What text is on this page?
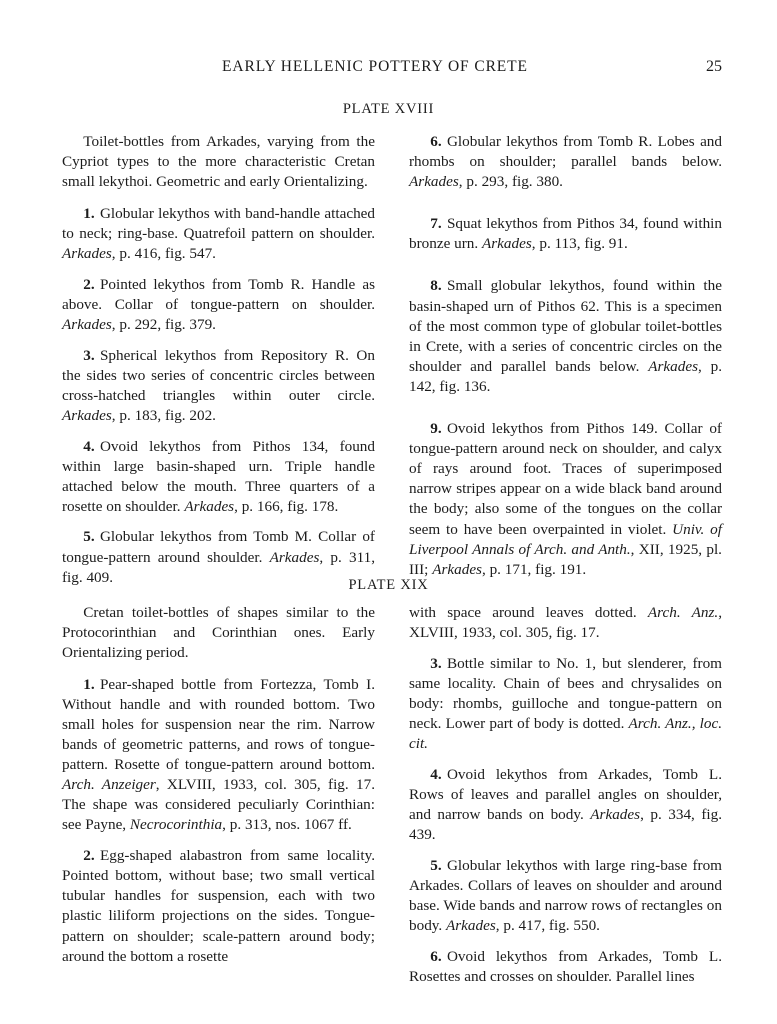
EARLY HELLENIC POTTERY OF CRETE	25
PLATE XVIII

Toilet-bottles from Arkades, varying from the Cypriot types to the more characteristic Cretan small lekythoi. Geometric and early Orientalizing.

1. Globular lekythos with band-handle attached to neck; ring-base. Quatrefoil pattern on shoulder. Arkades, p. 416, fig. 547.

2. Pointed lekythos from Tomb R. Handle as above. Collar of tongue-pattern on shoulder. Arkades, p. 292, fig. 379.

3. Spherical lekythos from Repository R. On the sides two series of concentric circles between cross-hatched triangles within outer circle. Arkades, p. 183, fig. 202.

4. Ovoid lekythos from Pithos 134, found within large basin-shaped urn. Triple handle attached below the mouth. Three quarters of a rosette on shoulder. Arkades, p. 166, fig. 178.

5. Globular lekythos from Tomb M. Collar of tongue-pattern around shoulder. Arkades, p. 311, fig. 409.

6. Globular lekythos from Tomb R. Lobes and rhombs on shoulder; parallel bands below. Arkades, p. 293, fig. 380.

7. Squat lekythos from Pithos 34, found within bronze urn. Arkades, p. 113, fig. 91.

8. Small globular lekythos, found within the basin-shaped urn of Pithos 62. This is a specimen of the most common type of globular toilet-bottles in Crete, with a series of concentric circles on the shoulder and parallel bands below. Arkades, p. 142, fig. 136.

9. Ovoid lekythos from Pithos 149. Collar of tongue-pattern around neck on shoulder, and calyx of rays around foot. Traces of superimposed narrow stripes appear on a wide black band around the body; also some of the tongues on the collar seem to have been overpainted in violet. Univ. of Liverpool Annals of Arch. and Anth., XII, 1925, pl. III; Arkades, p. 171, fig. 191.

PLATE XIX

Cretan toilet-bottles of shapes similar to the Protocorinthian and Corinthian ones. Early Orientalizing period.

1. Pear-shaped bottle from Fortezza, Tomb I. Without handle and with rounded bottom. Two small holes for suspension near the rim. Narrow bands of geometric patterns, and rows of tongue-pattern. Rosette of tongue-pattern around bottom. Arch. Anzeiger, XLVIII, 1933, col. 305, fig. 17. The shape was considered peculiarly Corinthian: see Payne, Necrocorinthia, p. 313, nos. 1067 ff.

2. Egg-shaped alabastron from same locality. Pointed bottom, without base; two small vertical tubular handles for suspension, each with two plastic liliform projections on the sides. Tongue-pattern on shoulder; scale-pattern around body; around the bottom a rosette

with space around leaves dotted. Arch. Anz., XLVIII, 1933, col. 305, fig. 17.

3. Bottle similar to No. 1, but slenderer, from same locality. Chain of bees and chrysalides on body: rhombs, guilloche and tongue-pattern on neck. Lower part of body is dotted. Arch. Anz., loc. cit.

4. Ovoid lekythos from Arkades, Tomb L. Rows of leaves and parallel angles on shoulder, and narrow bands on body. Arkades, p. 334, fig. 439.

5. Globular lekythos with large ring-base from Arkades. Collars of leaves on shoulder and around base. Wide bands and narrow rows of rectangles on body. Arkades, p. 417, fig. 550.

6. Ovoid lekythos from Arkades, Tomb L. Rosettes and crosses on shoulder. Parallel lines
